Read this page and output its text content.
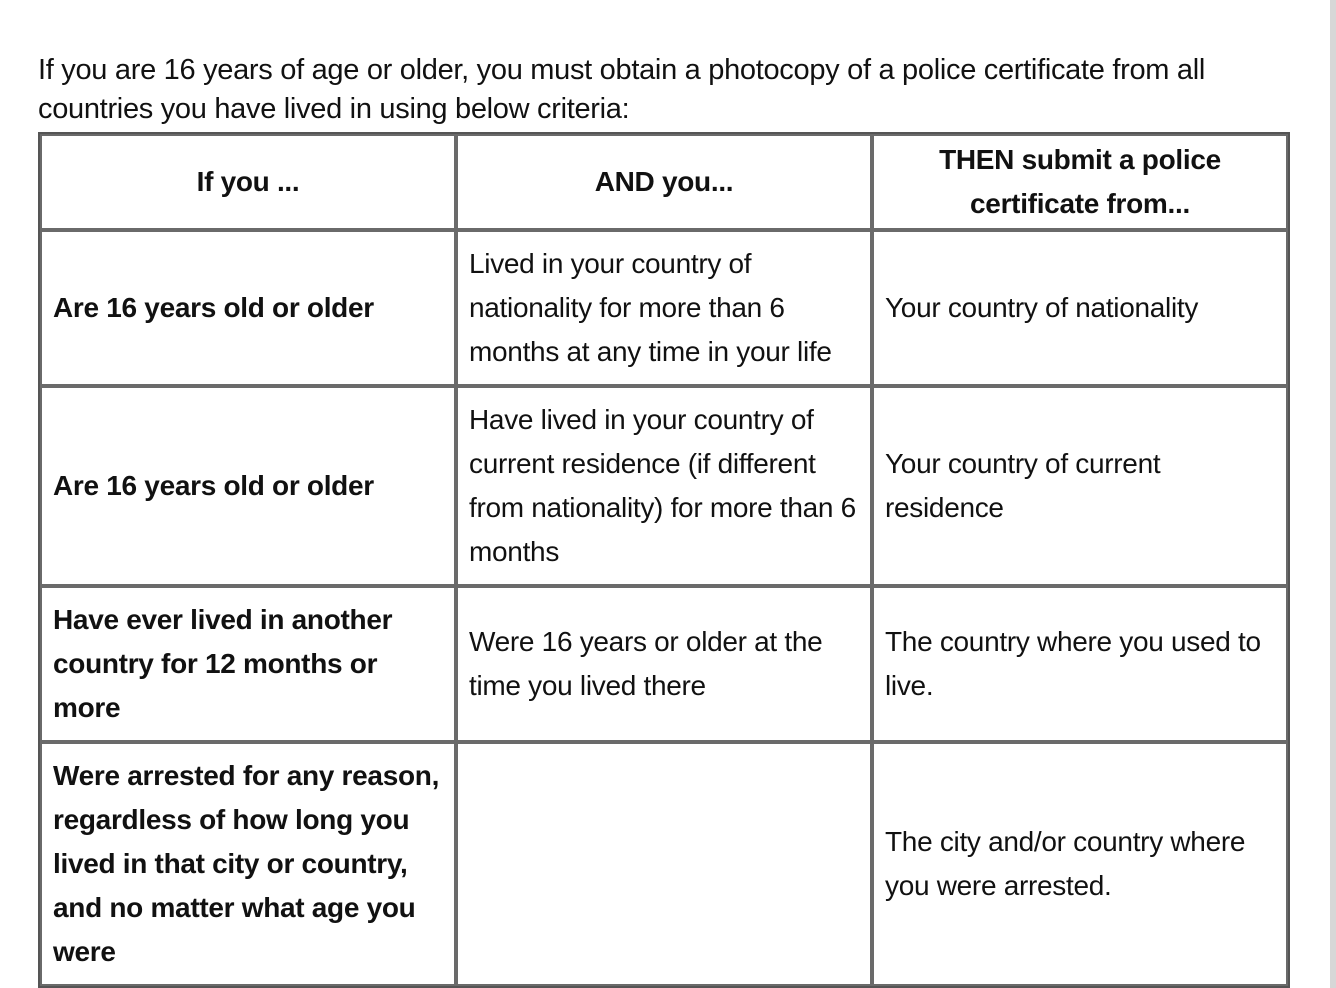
If you are 16 years of age or older, you must obtain a photocopy of a police certificate from all countries you have lived in using below criteria:

If you ...	AND you...	THEN submit a police certificate from...
Are 16 years old or older	Lived in your country of nationality for more than 6 months at any time in your life	Your country of nationality
Are 16 years old or older	Have lived in your country of current residence (if different from nationality) for more than 6 months	Your country of current residence
Have ever lived in another country for 12 months or more	Were 16 years or older at the time you lived there	The country where you used to live.
Were arrested for any reason, regardless of how long you lived in that city or country, and no matter what age you were		The city and/or country where you were arrested.
